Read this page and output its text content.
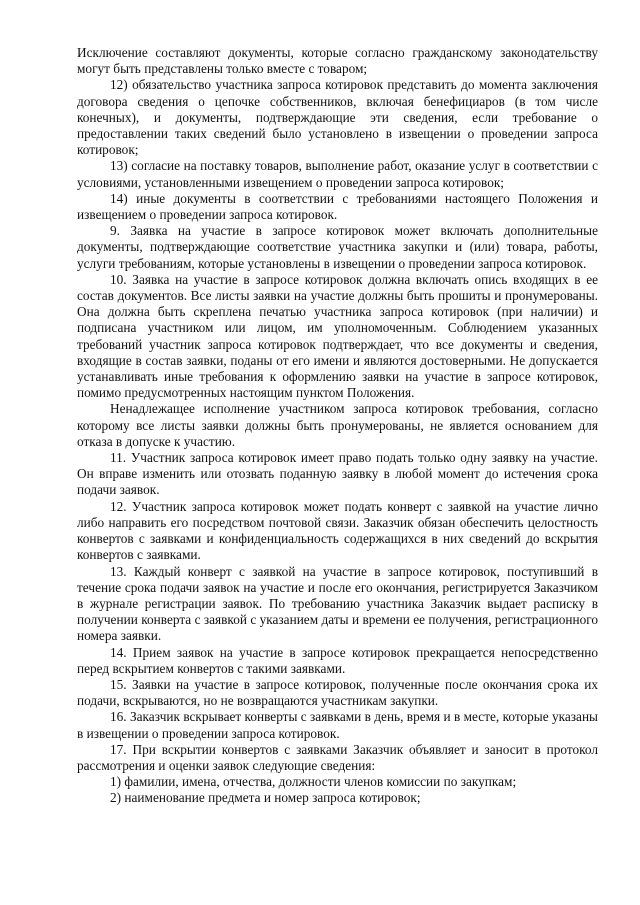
Исключение составляют документы, которые согласно гражданскому законодательству могут быть представлены только вместе с товаром;

12) обязательство участника запроса котировок представить до момента заключения договора сведения о цепочке собственников, включая бенефициаров (в том числе конечных), и документы, подтверждающие эти сведения, если требование о предоставлении таких сведений было установлено в извещении о проведении запроса котировок;

13) согласие на поставку товаров, выполнение работ, оказание услуг в соответствии с условиями, установленными извещением о проведении запроса котировок;

14) иные документы в соответствии с требованиями настоящего Положения и извещением о проведении запроса котировок.

9. Заявка на участие в запросе котировок может включать дополнительные документы, подтверждающие соответствие участника закупки и (или) товара, работы, услуги требованиям, которые установлены в извещении о проведении запроса котировок.

10. Заявка на участие в запросе котировок должна включать опись входящих в ее состав документов. Все листы заявки на участие должны быть прошиты и пронумерованы. Она должна быть скреплена печатью участника запроса котировок (при наличии) и подписана участником или лицом, им уполномоченным. Соблюдением указанных требований участник запроса котировок подтверждает, что все документы и сведения, входящие в состав заявки, поданы от его имени и являются достоверными. Не допускается устанавливать иные требования к оформлению заявки на участие в запросе котировок, помимо предусмотренных настоящим пунктом Положения.

Ненадлежащее исполнение участником запроса котировок требования, согласно которому все листы заявки должны быть пронумерованы, не является основанием для отказа в допуске к участию.

11. Участник запроса котировок имеет право подать только одну заявку на участие. Он вправе изменить или отозвать поданную заявку в любой момент до истечения срока подачи заявок.

12. Участник запроса котировок может подать конверт с заявкой на участие лично либо направить его посредством почтовой связи. Заказчик обязан обеспечить целостность конвертов с заявками и конфиденциальность содержащихся в них сведений до вскрытия конвертов с заявками.

13. Каждый конверт с заявкой на участие в запросе котировок, поступивший в течение срока подачи заявок на участие и после его окончания, регистрируется Заказчиком в журнале регистрации заявок. По требованию участника Заказчик выдает расписку в получении конверта с заявкой с указанием даты и времени ее получения, регистрационного номера заявки.

14. Прием заявок на участие в запросе котировок прекращается непосредственно перед вскрытием конвертов с такими заявками.

15. Заявки на участие в запросе котировок, полученные после окончания срока их подачи, вскрываются, но не возвращаются участникам закупки.

16. Заказчик вскрывает конверты с заявками в день, время и в месте, которые указаны в извещении о проведении запроса котировок.

17. При вскрытии конвертов с заявками Заказчик объявляет и заносит в протокол рассмотрения и оценки заявок следующие сведения:

1) фамилии, имена, отчества, должности членов комиссии по закупкам;

2) наименование предмета и номер запроса котировок;
